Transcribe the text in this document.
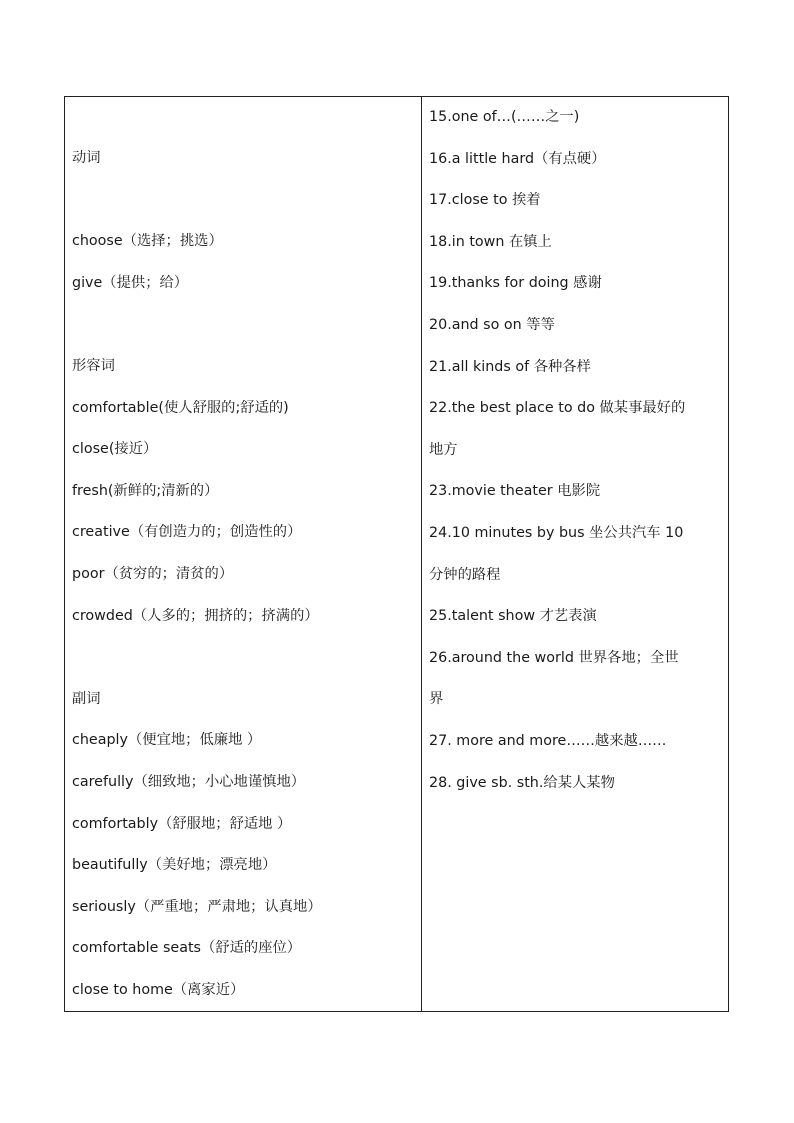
动词
choose（选择；挑选）
give（提供；给）
形容词
comfortable(使人舒服的;舒适的)
close(接近）
fresh(新鲜的;清新的）
creative（有创造力的；创造性的）
poor（贫穷的；清贫的）
crowded（人多的；拥挤的；挤满的）
副词
cheaply（便宜地；低廉地 ）
carefully（细致地；小心地谨慎地）
comfortably（舒服地；舒适地 ）
beautifully（美好地；漂亮地）
seriously（严重地；严肃地；认真地）
comfortable seats（舒适的座位）
close to home（离家近）
15.one of…(……之一)
16.a little hard（有点硬）
17.close to 挨着
18.in town 在镇上
19.thanks for doing 感谢
20.and so on 等等
21.all kinds of 各种各样
22.the best place to do 做某事最好的
地方
23.movie theater 电影院
24.10 minutes by bus 坐公共汽车 10
分钟的路程
25.talent show 才艺表演
26.around the world 世界各地；全世
界
27. more and more……越来越……
28. give sb. sth.给某人某物
